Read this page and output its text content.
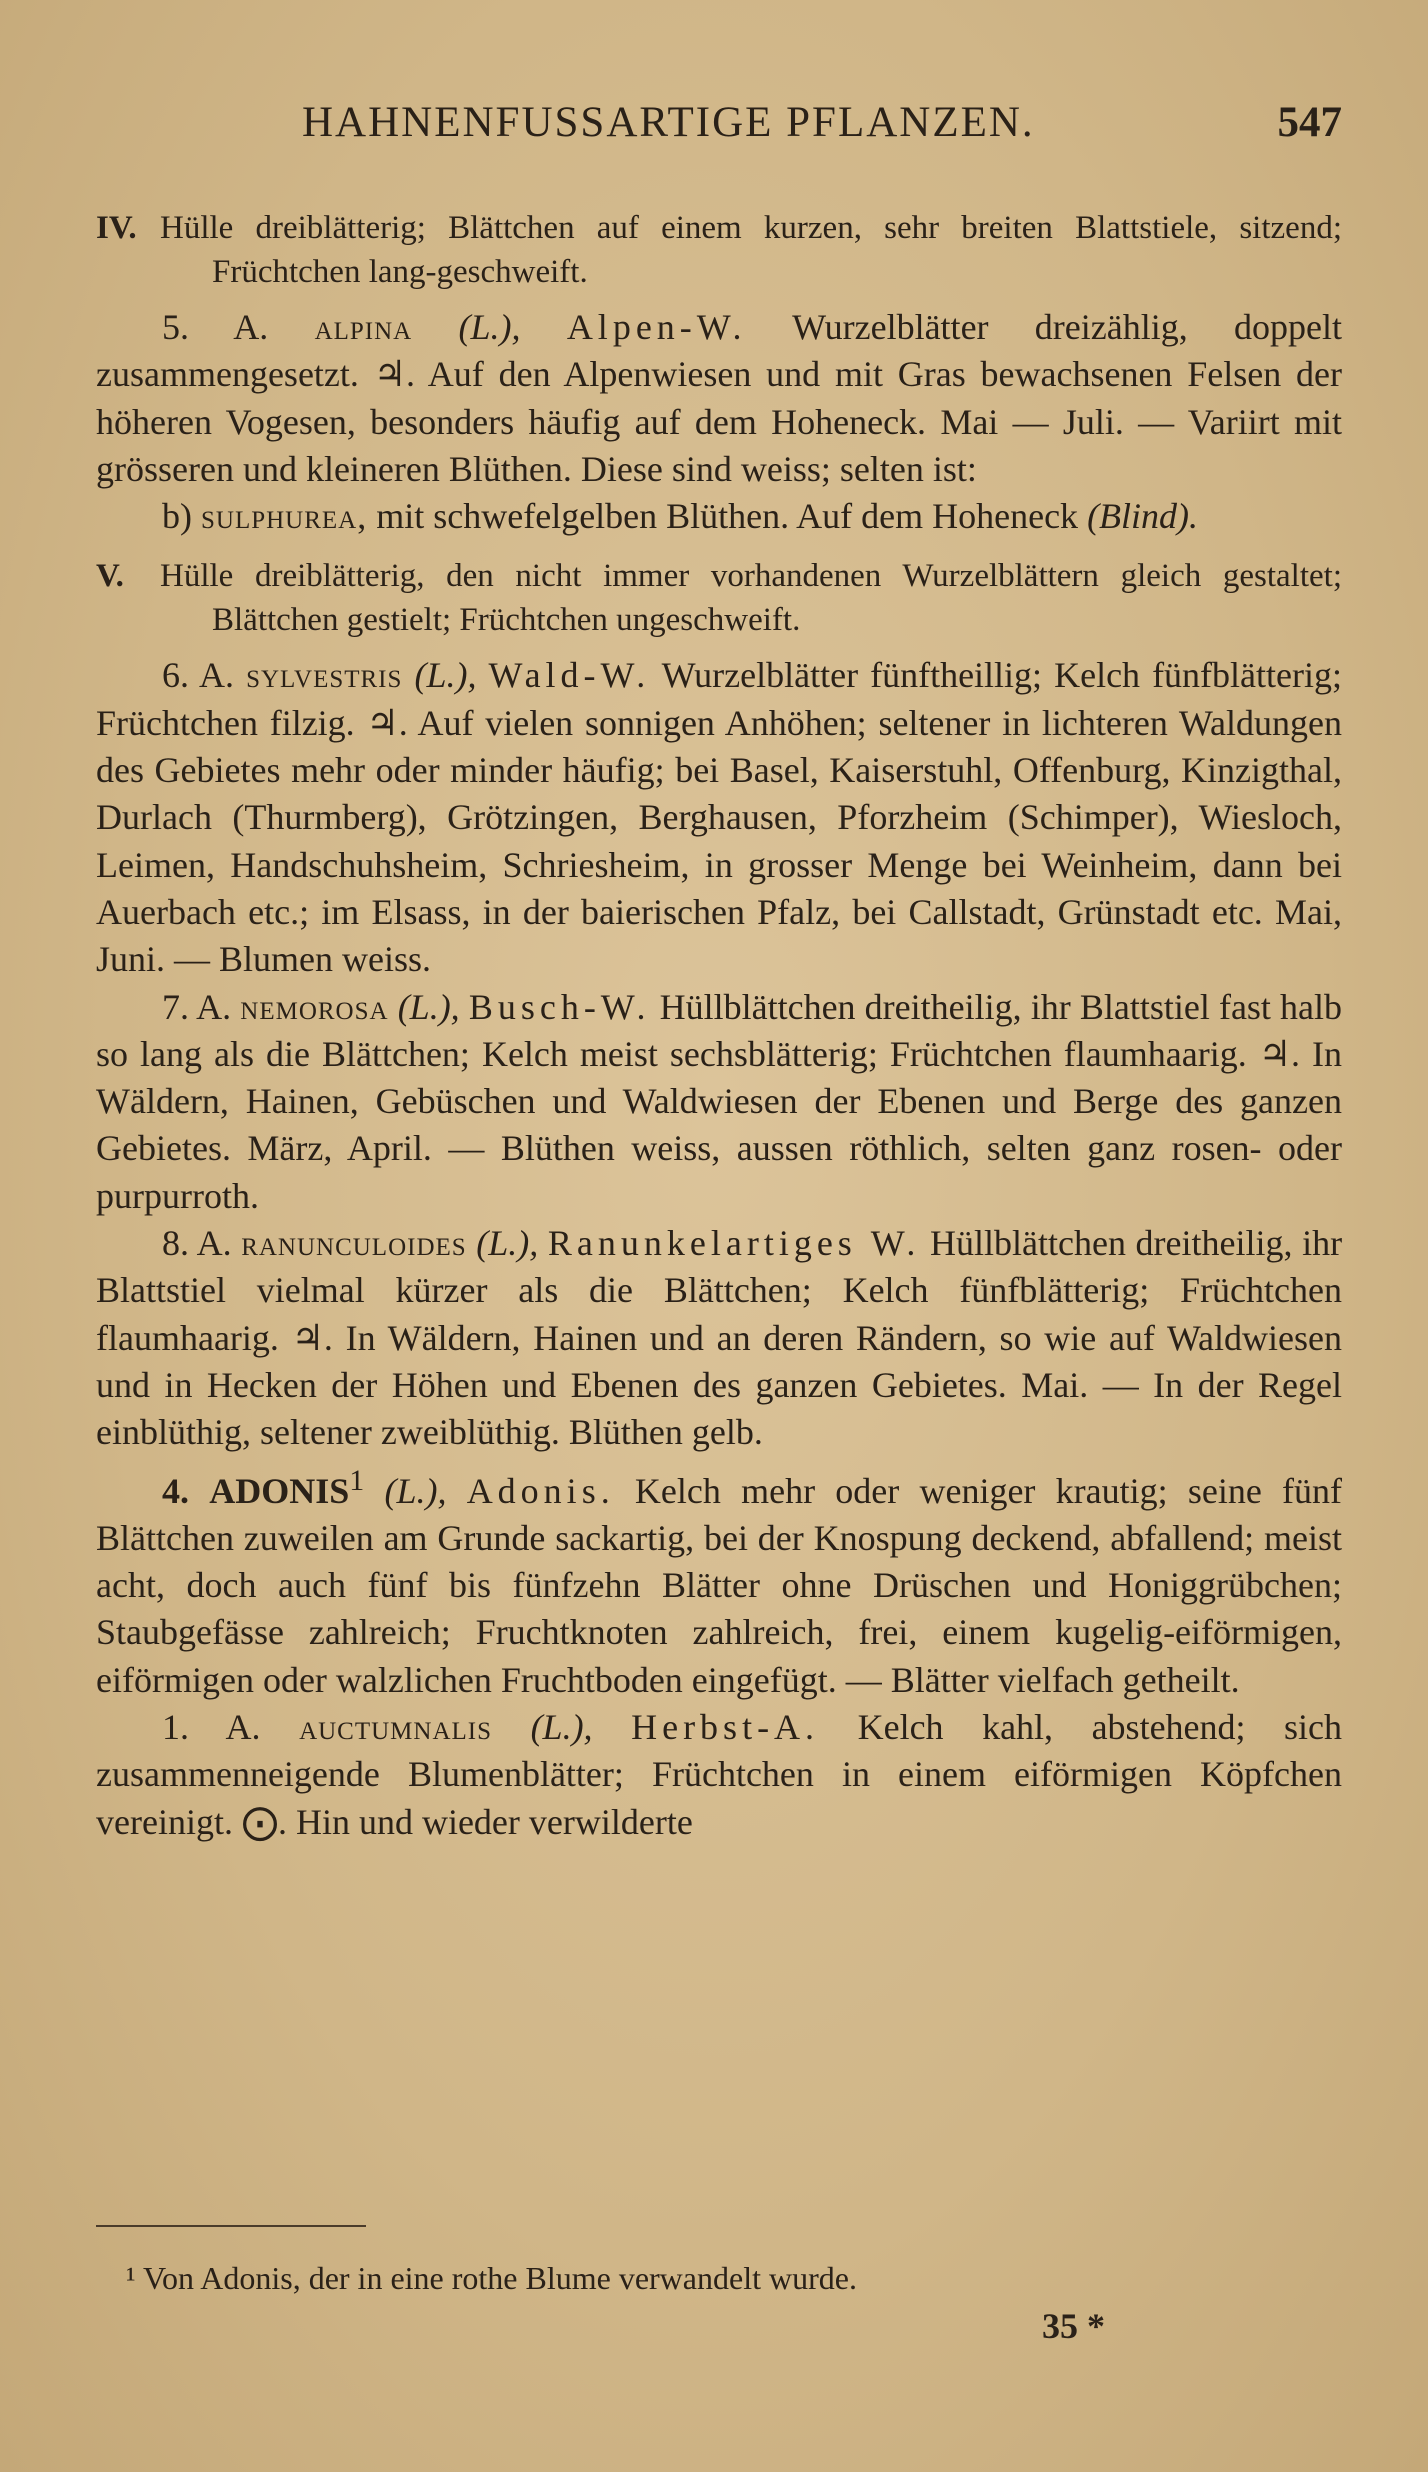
HAHNENFUSSARTIGE PFLANZEN.	547

IV. Hülle dreiblätterig; Blättchen auf einem kurzen, sehr breiten Blattstiele, sitzend; Früchtchen lang-geschweift.

5. A. alpina (L.), Alpen-W. Wurzelblätter dreizählig, doppelt zusammengesetzt. ♃. Auf den Alpenwiesen und mit Gras bewachsenen Felsen der höheren Vogesen, besonders häufig auf dem Hoheneck. Mai — Juli. — Variirt mit grösseren und kleineren Blüthen. Diese sind weiss; selten ist:

b) sulphurea, mit schwefelgelben Blüthen. Auf dem Hoheneck (Blind).

V. Hülle dreiblätterig, den nicht immer vorhandenen Wurzelblättern gleich gestaltet; Blättchen gestielt; Früchtchen ungeschweift.

6. A. sylvestris (L.), Wald-W. Wurzelblätter fünftheillig; Kelch fünfblätterig; Früchtchen filzig. ♃. Auf vielen sonnigen Anhöhen; seltener in lichteren Waldungen des Gebietes mehr oder minder häufig; bei Basel, Kaiserstuhl, Offenburg, Kinzigthal, Durlach (Thurmberg), Grötzingen, Berghausen, Pforzheim (Schimper), Wiesloch, Leimen, Handschuhsheim, Schriesheim, in grosser Menge bei Weinheim, dann bei Auerbach etc.; im Elsass, in der baierischen Pfalz, bei Callstadt, Grünstadt etc. Mai, Juni. — Blumen weiss.

7. A. nemorosa (L.), Busch-W. Hüllblättchen dreitheilig, ihr Blattstiel fast halb so lang als die Blättchen; Kelch meist sechsblätterig; Früchtchen flaumhaarig. ♃. In Wäldern, Hainen, Gebüschen und Waldwiesen der Ebenen und Berge des ganzen Gebietes. März, April. — Blüthen weiss, aussen röthlich, selten ganz rosen- oder purpurroth.

8. A. ranunculoides (L.), Ranunkelartiges W. Hüllblättchen dreitheilig, ihr Blattstiel vielmal kürzer als die Blättchen; Kelch fünfblätterig; Früchtchen flaumhaarig. ♃. In Wäldern, Hainen und an deren Rändern, so wie auf Waldwiesen und in Hecken der Höhen und Ebenen des ganzen Gebietes. Mai. — In der Regel einblüthig, seltener zweiblüthig. Blüthen gelb.

4. ADONIS$^1$ (L.), Adonis. Kelch mehr oder weniger krautig; seine fünf Blättchen zuweilen am Grunde sackartig, bei der Knospung deckend, abfallend; meist acht, doch auch fünf bis fünfzehn Blätter ohne Drüschen und Honiggrübchen; Staubgefässe zahlreich; Fruchtknoten zahlreich, frei, einem kugelig-eiförmigen, eiförmigen oder walzlichen Fruchtboden eingefügt. — Blätter vielfach getheilt.

1. A. auctumnalis (L.), Herbst-A. Kelch kahl, abstehend; sich zusammenneigende Blumenblätter; Früchtchen in einem eiförmigen Köpfchen vereinigt. ⨀. Hin und wieder verwilderte

¹ Von Adonis, der in eine rothe Blume verwandelt wurde.
35 *
